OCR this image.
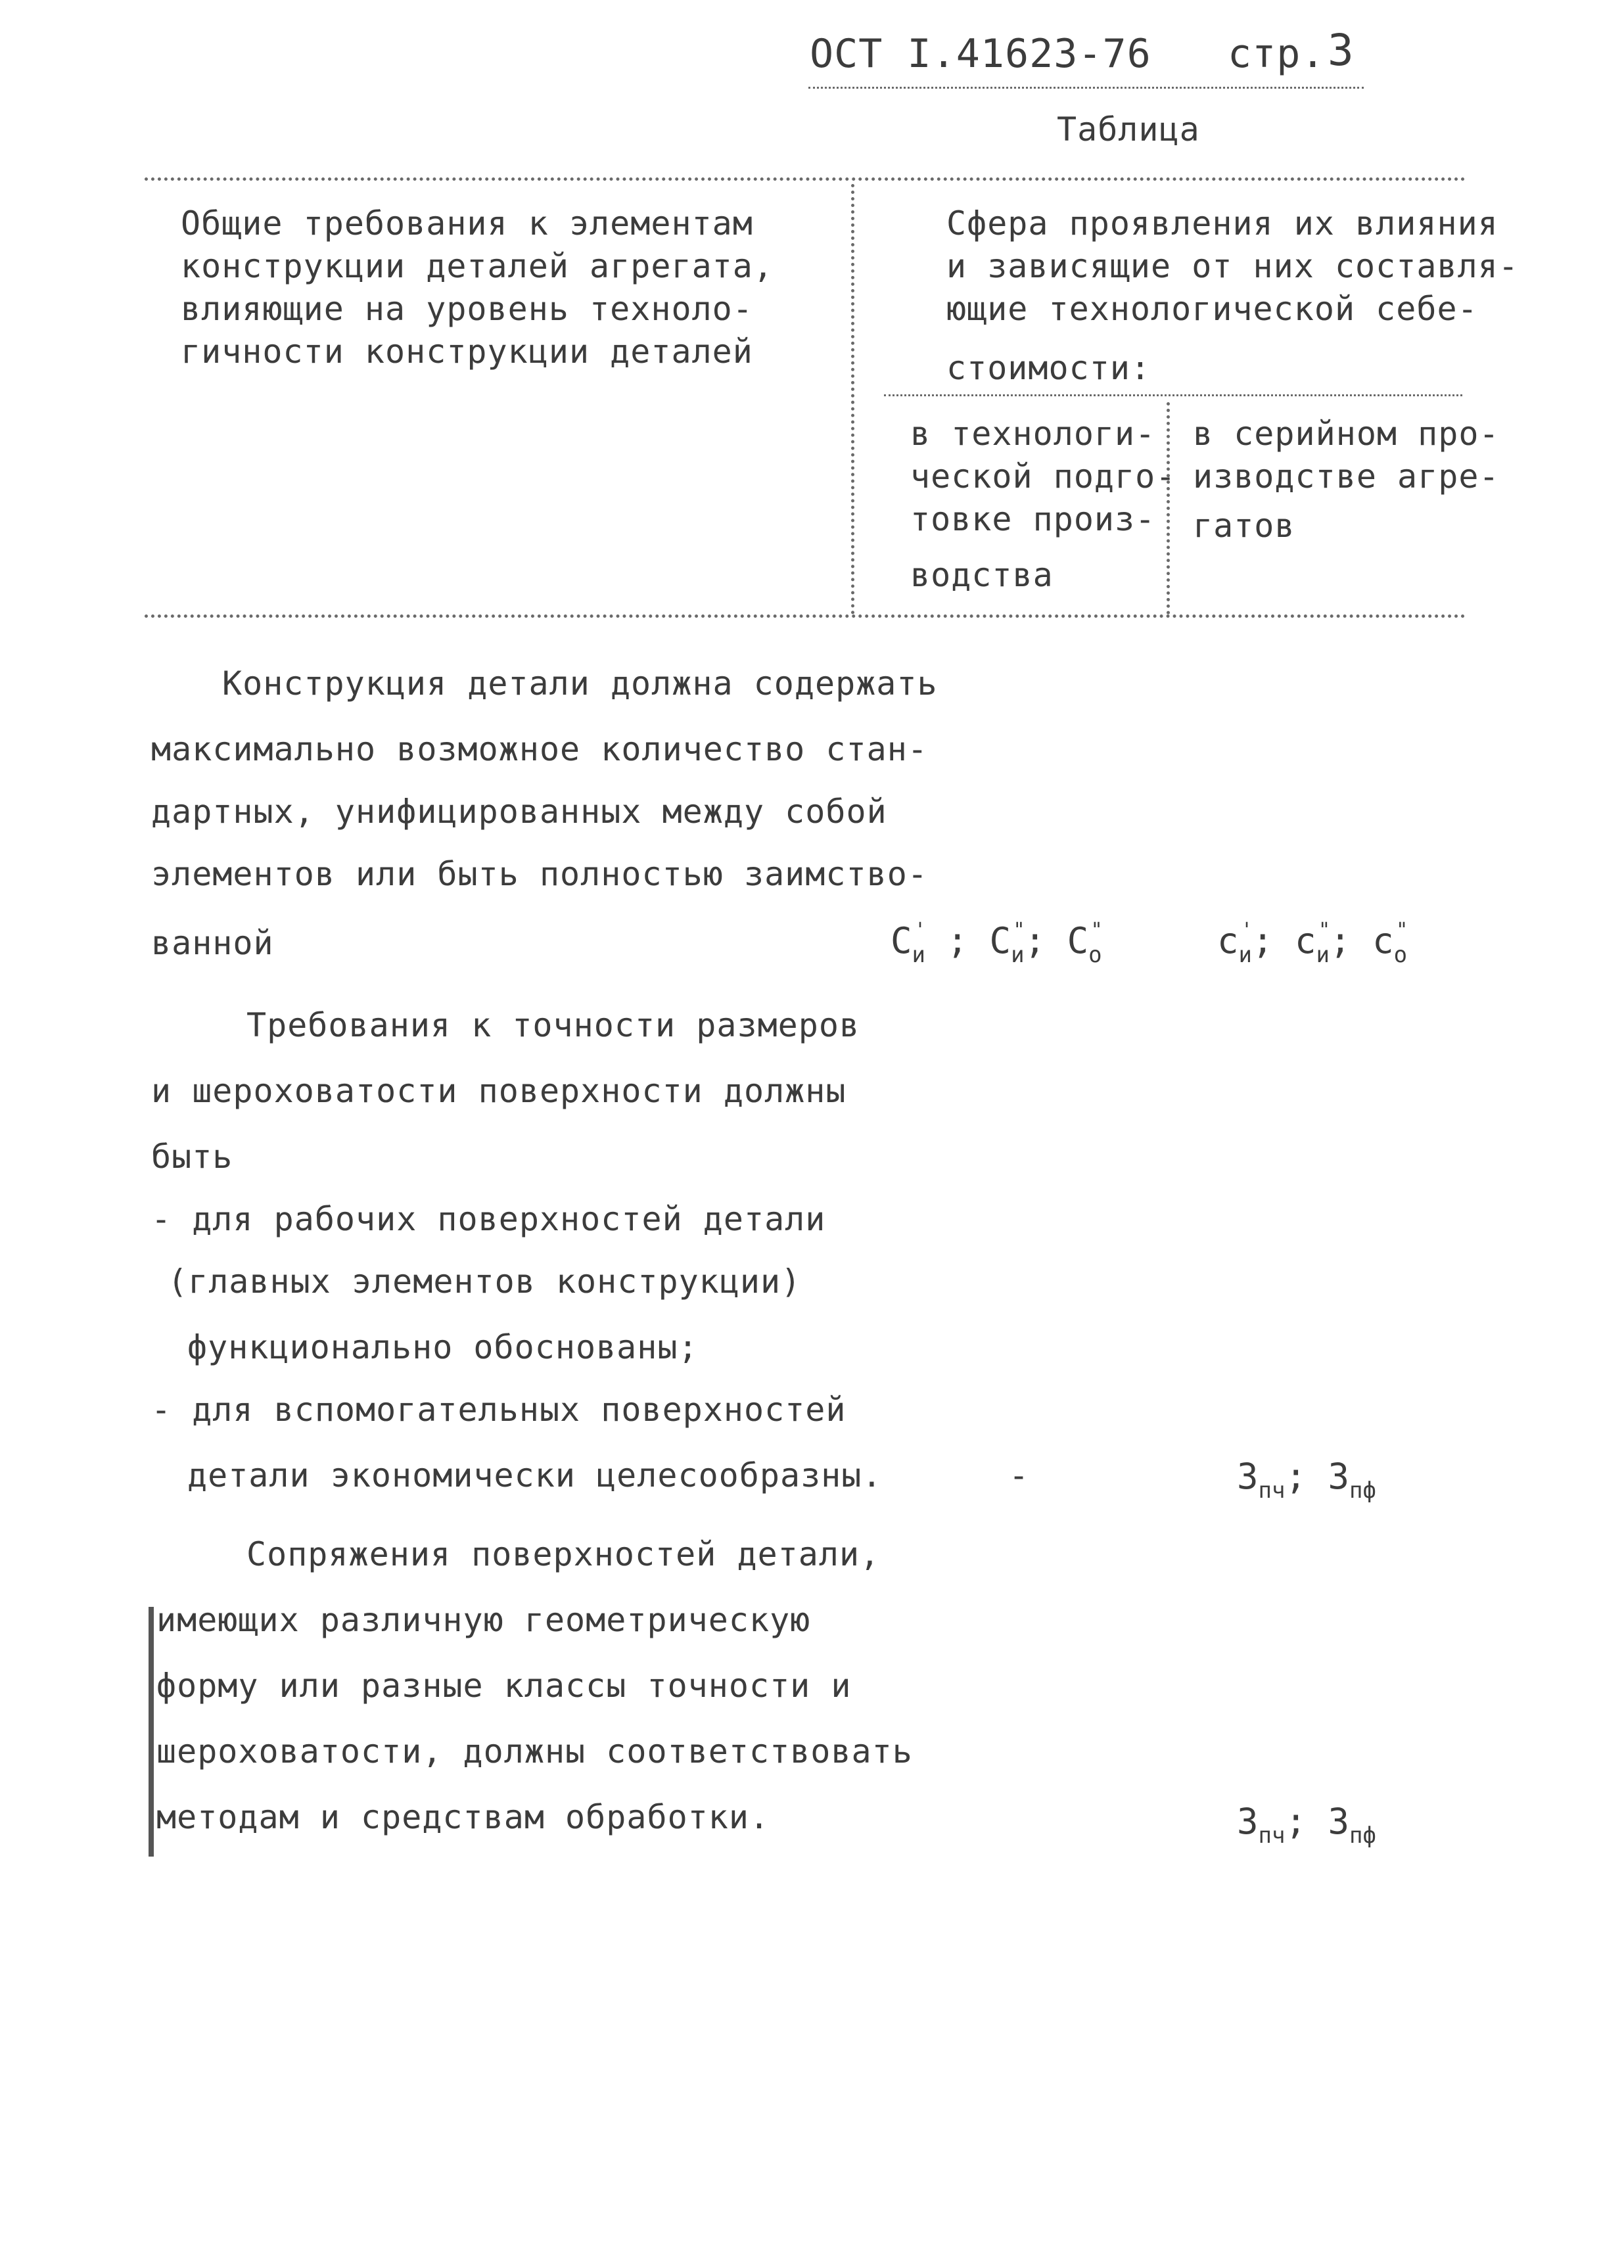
ОСТ I.41623-76 стр. 3
Таблица
Общие требования к элементам
конструкции деталей агрегата,
влияющие на уровень техноло-
гичности конструкции деталей
Сфера проявления их влияния
и зависящие от них составля-
ющие технологической себе-
стоимости:
в технологи-
ческой подго-
товке произ-
водства
в серийном про-
изводстве агре-
гатов
Конструкция детали должна содержать
максимально возможное количество стан-
дартных, унифицированных между собой
элементов или быть полностью заимство-
ванной	C '
$_и$ ; C "
$_и$; C "
$_о$	c '
$_и$; c "
$_и$; c "
$_о$
Требования к точности размеров
и шероховатости поверхности должны
быть
- для рабочих поверхностей детали
(главных элементов конструкции)
функционально обоснованы;
- для вспомогательных поверхностей
детали экономически целесообразны.	-	$З_{пч}$; $З_{пф}$
Сопряжения поверхностей детали,
имеющих различную геометрическую
форму или разные классы точности и
шероховатости, должны соответствовать
методам и средствам обработки.	$З_{пч}$; $З_{пф}$
